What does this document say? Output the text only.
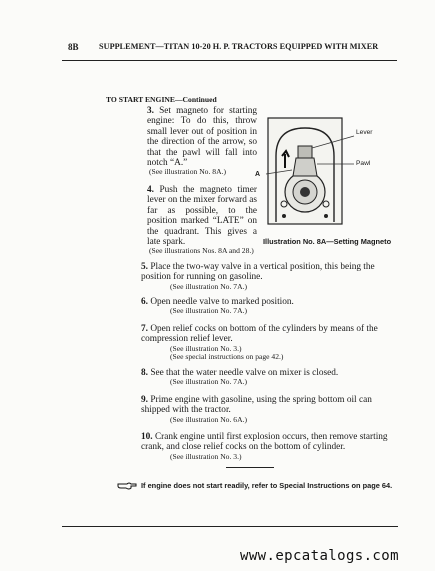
8B SUPPLEMENT—TITAN 10-20 H. P. TRACTORS EQUIPPED WITH MIXER
TO START ENGINE—Continued
3. Set magneto for starting engine: To do this, throw small lever out of position in the direction of the arrow, so that the pawl will fall into notch “A.”
(See illustration No. 8A.)
4. Push the magneto timer lever on the mixer forward as far as possible, to the position marked “LATE” on the quadrant. This gives a late spark.
(See illustrations Nos. 8A and 28.)
Lever
Pawl
A
Illustration No. 8A—Setting Magneto
5. Place the two-way valve in a vertical position, this being the position for running on gasoline.
(See illustration No. 7A.)
6. Open needle valve to marked position.
(See illustration No. 7A.)
7. Open relief cocks on bottom of the cylinders by means of the compression relief lever.
(See illustration No. 3.)
(See special instructions on page 42.)
8. See that the water needle valve on mixer is closed.
(See illustration No. 7A.)
9. Prime engine with gasoline, using the spring bottom oil can shipped with the tractor.
(See illustration No. 6A.)
10. Crank engine until first explosion occurs, then remove starting crank, and close relief cocks on the bottom of cylinder.
(See illustration No. 3.)
If engine does not start readily, refer to Special Instructions on page 64.
www.epcatalogs.com
